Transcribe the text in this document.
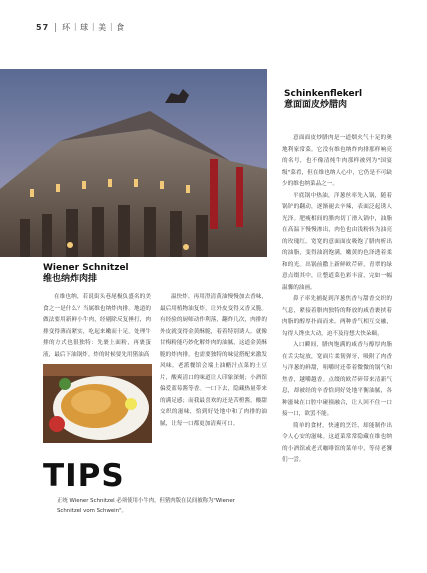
57 环｜球｜美｜食
Wiener Schnitzel
维也纳炸肉排

在维也纳，若说街头巷尾极负盛名的美食之一是什么？当属维也纳炸肉排。地道的做法要用新鲜小牛肉，经剔除反复捶打，肉排变得薄而紧实，吃起来嫩而十足。处理牛排的方式也很独特：先裹上面粉，再裹蛋液，最后下油锅炸。炸的时候要先用猪油高

温快炸，再用澄清黄油慢慢加去香味，最后用植物油复炸，让外皮变得又香又脆。有经验的厨师动作利落，翻炸几次，肉排的外皮就变得金黄酥脆，着着特别诱人。就像甘梅粉能巧妙化解炸肉的油腻，这道金黄酥脆的炸肉排，也需要独特的味觉搭配来激发风味。老派餐馆会端上油醋汁点菜的土豆片，酸爽清口的味道让人印象深刻；小酒馆偏爱蓝莓酱等香。一口下去，隐藏热量带来的满足感；而我最喜欢的还是苦橙酱，酸甜交织的滋味，恰到好处地中和了肉排的油腻，让每一口都更加清爽可口。

TIPS
正统 Wiener Schnitzel 必须使用小牛肉，但猪肉版在民间被称为"Wiener Schnitzel vom Schwein"。
Schinkenflekerl
意面面皮炒腊肉

意面面皮炒腊肉是一道烟火气十足的奥地利家常菜。它没有维也纳炸肉排那样响亮的名号，也不像清炖牛肉那样被列为"国宴级"菜肴，但在维也纳人心中，它仍是不可缺少的维也纳菜品之一。

平底锅中热油，洋葱丝率先入锅，随着锅铲的翻动，逐渐褪去辛辣，表面泛起诱人光泽。肥瘦相间的腊肉切丁滑入锅中，油脂在高温下慢慢渗出，肉色也由浅粉转为油亮的玫瑰红。宽宽的意面面皮吸饱了腊肉析出的油脂，变得油润饱满，嫩黄的色泽透着柔和的光。出锅前撒上新鲜欧芹碎，青翠的绿意点缀其中，让整道菜色彩丰富，完如一幅温馨的油画。

鼻子率先捕捉到洋葱焦香与甜香交织的气息，紧接着腊肉独特的释放的咸香裹挟着肉脂的醇厚扑面而来。两种香气相互交融，勾得人馋虫大动，迫不及待想大快朵颐。

入口瞬间，腊肉饱满的咸香与醇厚肉脂在舌尖绽放，宽面片柔韧弹牙，吸附了肉香与洋葱的鲜甜，咀嚼时还带着微微的锅气和焦香，越嚼越香。点缀的欧芹碎带来清新气息，却被经的辛香恰到好处地平衡油腻，各种滋味在口腔中碰撞融合，让人回不住一口接一口，欲罢不能。

简单的食材，快速的烹饪，却能制作出令人心安的滋味。这道菜常常隐藏在维也纳的小酒馆或老式咖啡馆的菜单中，等待老饕们一尝。
